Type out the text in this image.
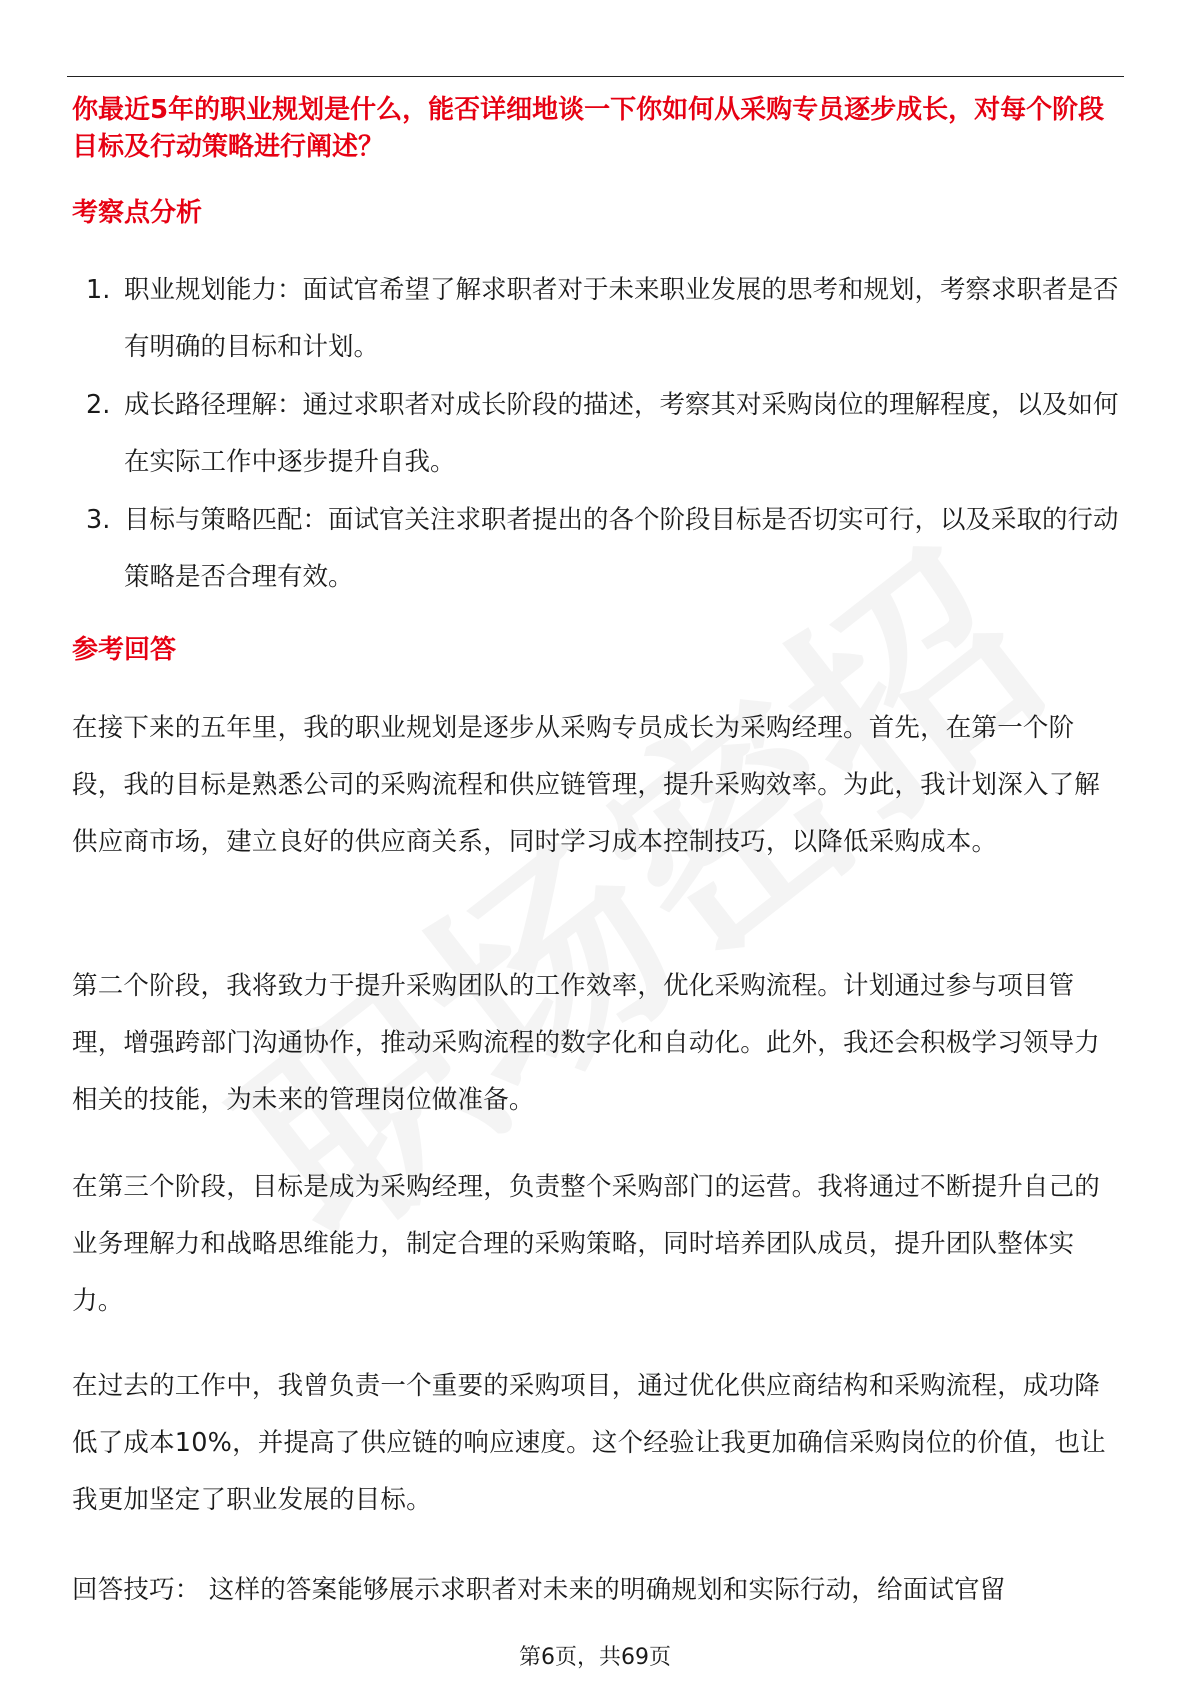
你最近5年的职业规划是什么，能否详细地谈一下你如何从采购专员逐步成长，对每个阶段目标及行动策略进行阐述？

考察点分析
1. 职业规划能力：面试官希望了解求职者对于未来职业发展的思考和规划，考察求职者是否有明确的目标和计划。
2. 成长路径理解：通过求职者对成长阶段的描述，考察其对采购岗位的理解程度，以及如何在实际工作中逐步提升自我。
3. 目标与策略匹配：面试官关注求职者提出的各个阶段目标是否切实可行，以及采取的行动策略是否合理有效。
参考回答

在接下来的五年里，我的职业规划是逐步从采购专员成长为采购经理。首先，在第一个阶段，我的目标是熟悉公司的采购流程和供应链管理，提升采购效率。为此，我计划深入了解供应商市场，建立良好的供应商关系，同时学习成本控制技巧，以降低采购成本。

第二个阶段，我将致力于提升采购团队的工作效率，优化采购流程。计划通过参与项目管理，增强跨部门沟通协作，推动采购流程的数字化和自动化。此外，我还会积极学习领导力相关的技能，为未来的管理岗位做准备。

在第三个阶段，目标是成为采购经理，负责整个采购部门的运营。我将通过不断提升自己的业务理解力和战略思维能力，制定合理的采购策略，同时培养团队成员，提升团队整体实力。

在过去的工作中，我曾负责一个重要的采购项目，通过优化供应商结构和采购流程，成功降低了成本10%，并提高了供应链的响应速度。这个经验让我更加确信采购岗位的价值，也让我更加坚定了职业发展的目标。

回答技巧： 这样的答案能够展示求职者对未来的明确规划和实际行动，给面试官留

第6页，共69页
